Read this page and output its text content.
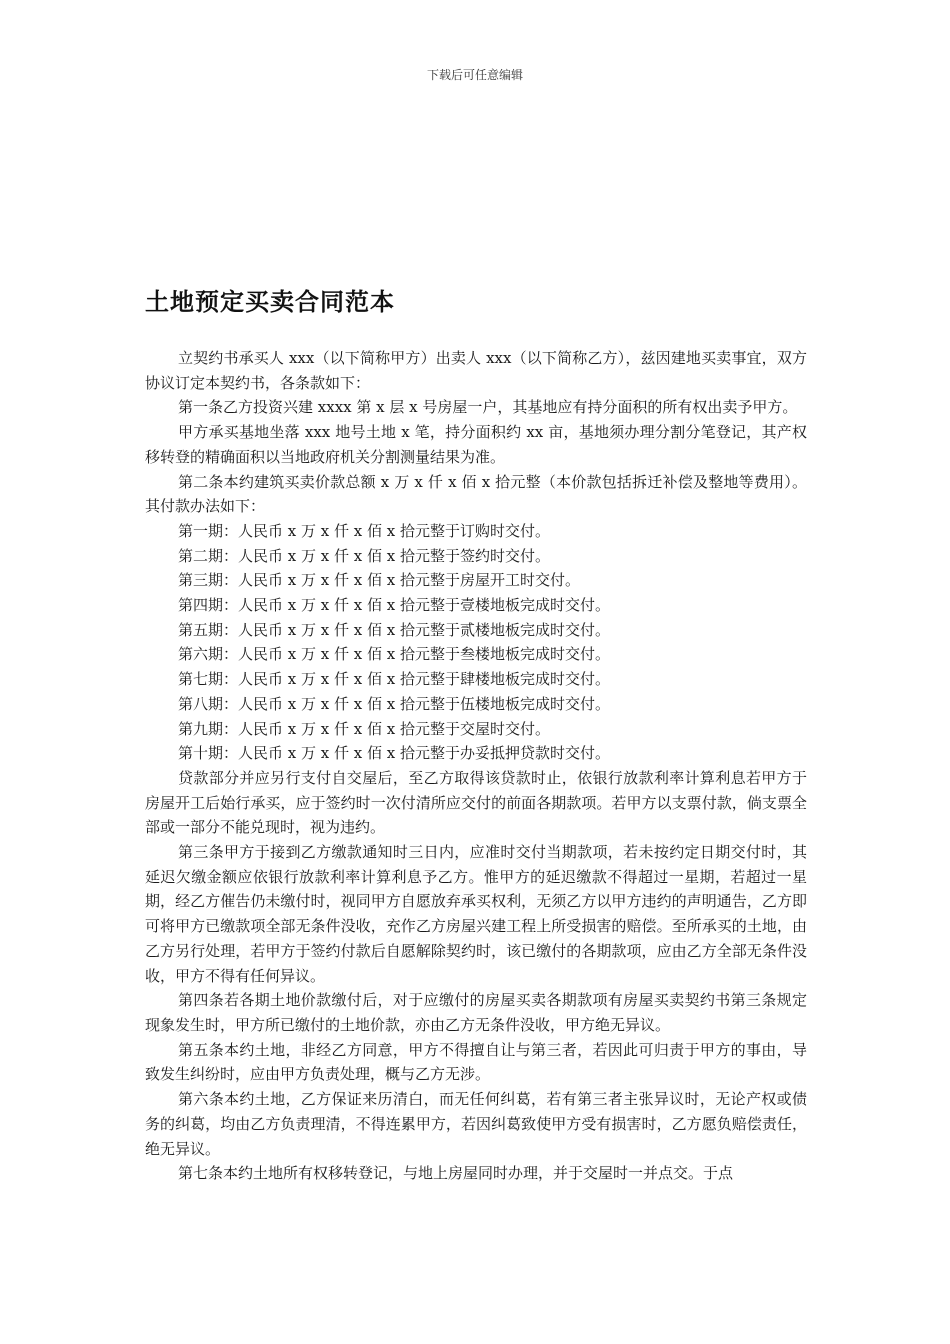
下载后可任意编辑
土地预定买卖合同范本

立契约书承买人 xxx（以下简称甲方）出卖人 xxx（以下简称乙方），兹因建地买卖事宜，双方协议订定本契约书，各条款如下：

第一条乙方投资兴建 xxxx 第 x 层 x 号房屋一户，其基地应有持分面积的所有权出卖予甲方。

甲方承买基地坐落 xxx 地号土地 x 笔，持分面积约 xx 亩，基地须办理分割分笔登记，其产权移转登的精确面积以当地政府机关分割测量结果为准。

第二条本约建筑买卖价款总额 x 万 x 仟 x 佰 x 拾元整（本价款包括拆迁补偿及整地等费用）。其付款办法如下：

第一期：人民币 x 万 x 仟 x 佰 x 拾元整于订购时交付。

第二期：人民币 x 万 x 仟 x 佰 x 拾元整于签约时交付。

第三期：人民币 x 万 x 仟 x 佰 x 拾元整于房屋开工时交付。

第四期：人民币 x 万 x 仟 x 佰 x 拾元整于壹楼地板完成时交付。

第五期：人民币 x 万 x 仟 x 佰 x 拾元整于贰楼地板完成时交付。

第六期：人民币 x 万 x 仟 x 佰 x 拾元整于叁楼地板完成时交付。

第七期：人民币 x 万 x 仟 x 佰 x 拾元整于肆楼地板完成时交付。

第八期：人民币 x 万 x 仟 x 佰 x 拾元整于伍楼地板完成时交付。

第九期：人民币 x 万 x 仟 x 佰 x 拾元整于交屋时交付。

第十期：人民币 x 万 x 仟 x 佰 x 拾元整于办妥抵押贷款时交付。

贷款部分并应另行支付自交屋后，至乙方取得该贷款时止，依银行放款利率计算利息若甲方于房屋开工后始行承买，应于签约时一次付清所应交付的前面各期款项。若甲方以支票付款，倘支票全部或一部分不能兑现时，视为违约。

第三条甲方于接到乙方缴款通知时三日内，应准时交付当期款项，若未按约定日期交付时，其延迟欠缴金额应依银行放款利率计算利息予乙方。惟甲方的延迟缴款不得超过一星期，若超过一星期，经乙方催告仍未缴付时，视同甲方自愿放弃承买权利，无须乙方以甲方违约的声明通告，乙方即可将甲方已缴款项全部无条件没收，充作乙方房屋兴建工程上所受损害的赔偿。至所承买的土地，由乙方另行处理，若甲方于签约付款后自愿解除契约时，该已缴付的各期款项，应由乙方全部无条件没收，甲方不得有任何异议。

第四条若各期土地价款缴付后，对于应缴付的房屋买卖各期款项有房屋买卖契约书第三条规定现象发生时，甲方所已缴付的土地价款，亦由乙方无条件没收，甲方绝无异议。

第五条本约土地，非经乙方同意，甲方不得擅自让与第三者，若因此可归责于甲方的事由，导致发生纠纷时，应由甲方负责处理，概与乙方无涉。

第六条本约土地，乙方保证来历清白，而无任何纠葛，若有第三者主张异议时，无论产权或债务的纠葛，均由乙方负责理清，不得连累甲方，若因纠葛致使甲方受有损害时，乙方愿负赔偿责任，绝无异议。

第七条本约土地所有权移转登记，与地上房屋同时办理，并于交屋时一并点交。于点
